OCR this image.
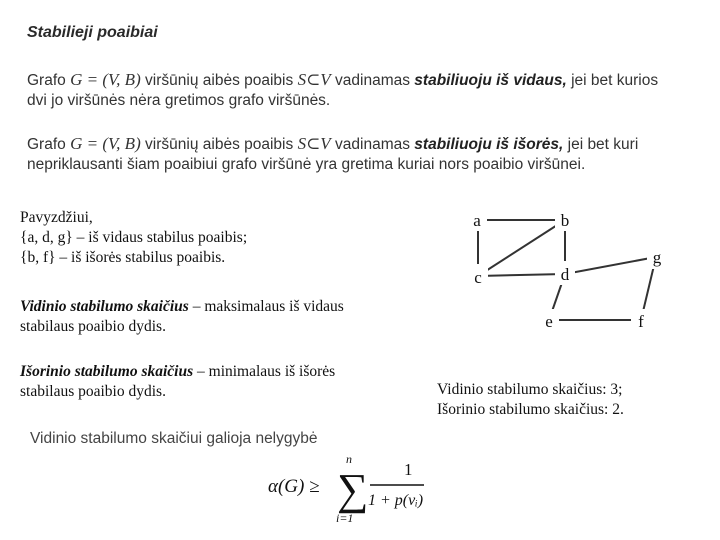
Stabilieji poaibiai
Grafo G = (V, B) viršūnių aibės poaibis S⊂V vadinamas stabiliuoju iš vidaus, jei bet kurios
dvi jo viršūnės nėra gretimos grafo viršūnės.
Grafo G = (V, B) viršūnių aibės poaibis S⊂V vadinamas stabiliuoju iš išorės, jei bet kuri
nepriklausanti šiam poaibiui grafo viršūnė yra gretima kuriai nors poaibio viršūnei.
Pavyzdžiui,
{a, d, g} – iš vidaus stabilus poaibis;
{b, f} – iš išorės stabilus poaibis.
Vidinio stabilumo skaičius – maksimalaus iš vidaus
stabilaus poaibio dydis.
Išorinio stabilumo skaičius – minimalaus iš išorės
stabilaus poaibio dydis.
a	b
c	d
g
e	f
Vidinio stabilumo skaičius: 3;
Išorinio stabilumo skaičius: 2.
Vidinio stabilumo skaičiui galioja nelygybė
α(G) ≥
n
∑
i=1
1
1 + p(vᵢ)
